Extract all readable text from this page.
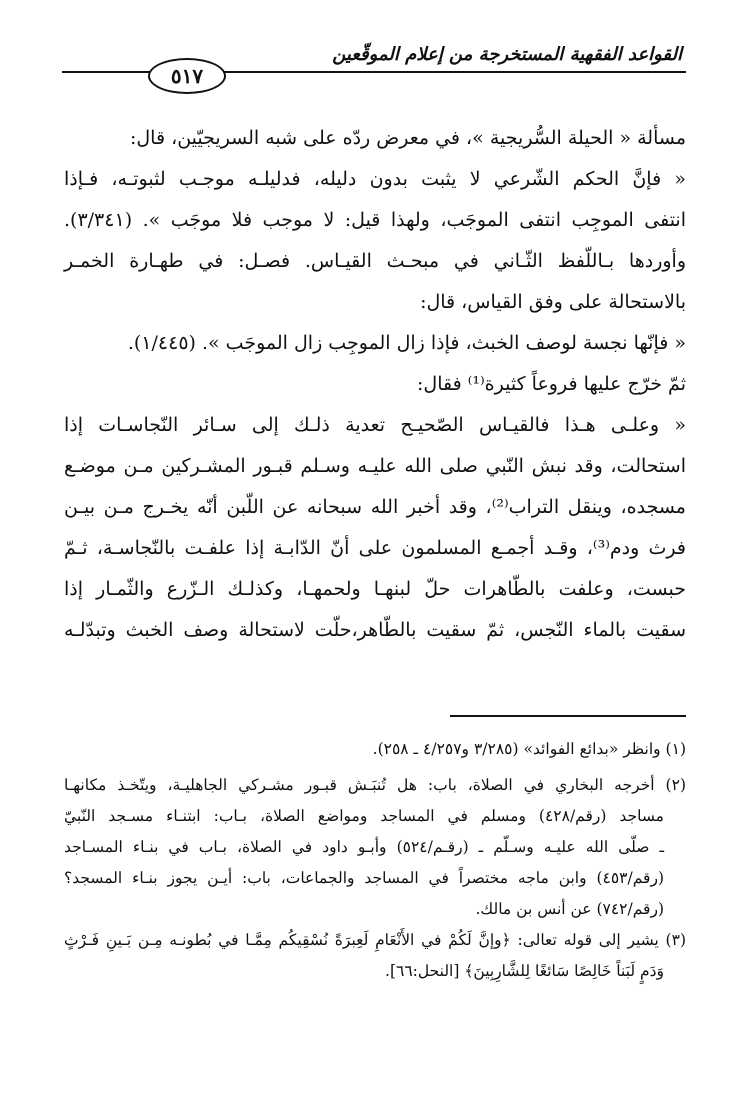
القواعد الفقهية المستخرجة من إعلام الموقّعين
٥١٧
مسألة « الحيلة السُّريجية »، في معرض ردّه على شبه السريجيّين، قال:
« فإنَّ الحكم الشّرعي لا يثبت بدون دليله، فدليلـه موجـب لثبوتـه، فـإذا
انتفى الموجِب انتفى الموجَب، ولهذا قيل: لا موجب فلا موجَب ». (٣/٣٤١).
وأوردها بـاللّفظ الثّـاني في مبحـث القيـاس. فصـل: في طهـارة الخمـر
بالاستحالة على وفق القياس، قال:
« فإنّها نجسة لوصف الخبث، فإذا زال الموجِب زال الموجَب ». (١/٤٤٥).
ثمّ خرّج عليها فروعاً كثيرة⁽¹⁾ فقال:
« وعلـى هـذا فالقيـاس الصّحيـح تعدية ذلـك إلى سـائر النّجاسـات إذا
استحالت، وقد نبش النّبي صلى الله عليـه وسـلم قبـور المشـركين مـن موضـع
مسجده، وينقل التراب⁽²⁾، وقد أخبر الله سبحانه عن اللّبن أنّه يخـرج مـن بيـن
فرث ودم⁽³⁾، وقـد أجمـع المسلمون على أنّ الدّابـة إذا علفـت بالنّجاسـة، ثـمّ
حبست، وعلفت بالطّاهرات حلّ لبنهـا ولحمهـا، وكذلـك الـزّرع والثّمـار إذا
سقيت بالماء النّجس، ثمّ سقيت بالطّاهر،حلّت لاستحالة وصف الخبث وتبدّلـه
(١) وانظر «بدائع الفوائد» (٣/٢٨٥ و٤/٢٥٧ ـ ٢٥٨).
(٢) أخرجه البخاري في الصلاة، باب: هل تُنبَـش قبـور مشـركي الجاهليـة، ويتّخـذ مكانهـا
مساجد (رقم/٤٢٨) ومسلم في المساجد ومواضع الصلاة، بـاب: ابتنـاء مسـجد النّبيّ
ـ صلّى الله عليـه وسـلّم ـ (رقـم/٥٢٤) وأبـو داود في الصلاة، بـاب في بنـاء المسـاجد
(رقم/٤٥٣) وابن ماجه مختصراً في المساجد والجماعات، باب: أيـن يجوز بنـاء المسجد؟
(رقم/٧٤٢) عن أنس بن مالك.
(٣) يشير إلى قوله تعالى: ﴿وإنَّ لَكُمْ في الأَنْعَامِ لَعِبرَةً نُسْقِيكُم مِمَّـا في بُطونـه مِـن بَـينِ فَـرْثٍ
وَدَمٍ لَبَناً خَالِصًا سَائغًا لِلشَّارِبِينَ﴾ [النحل:٦٦].
